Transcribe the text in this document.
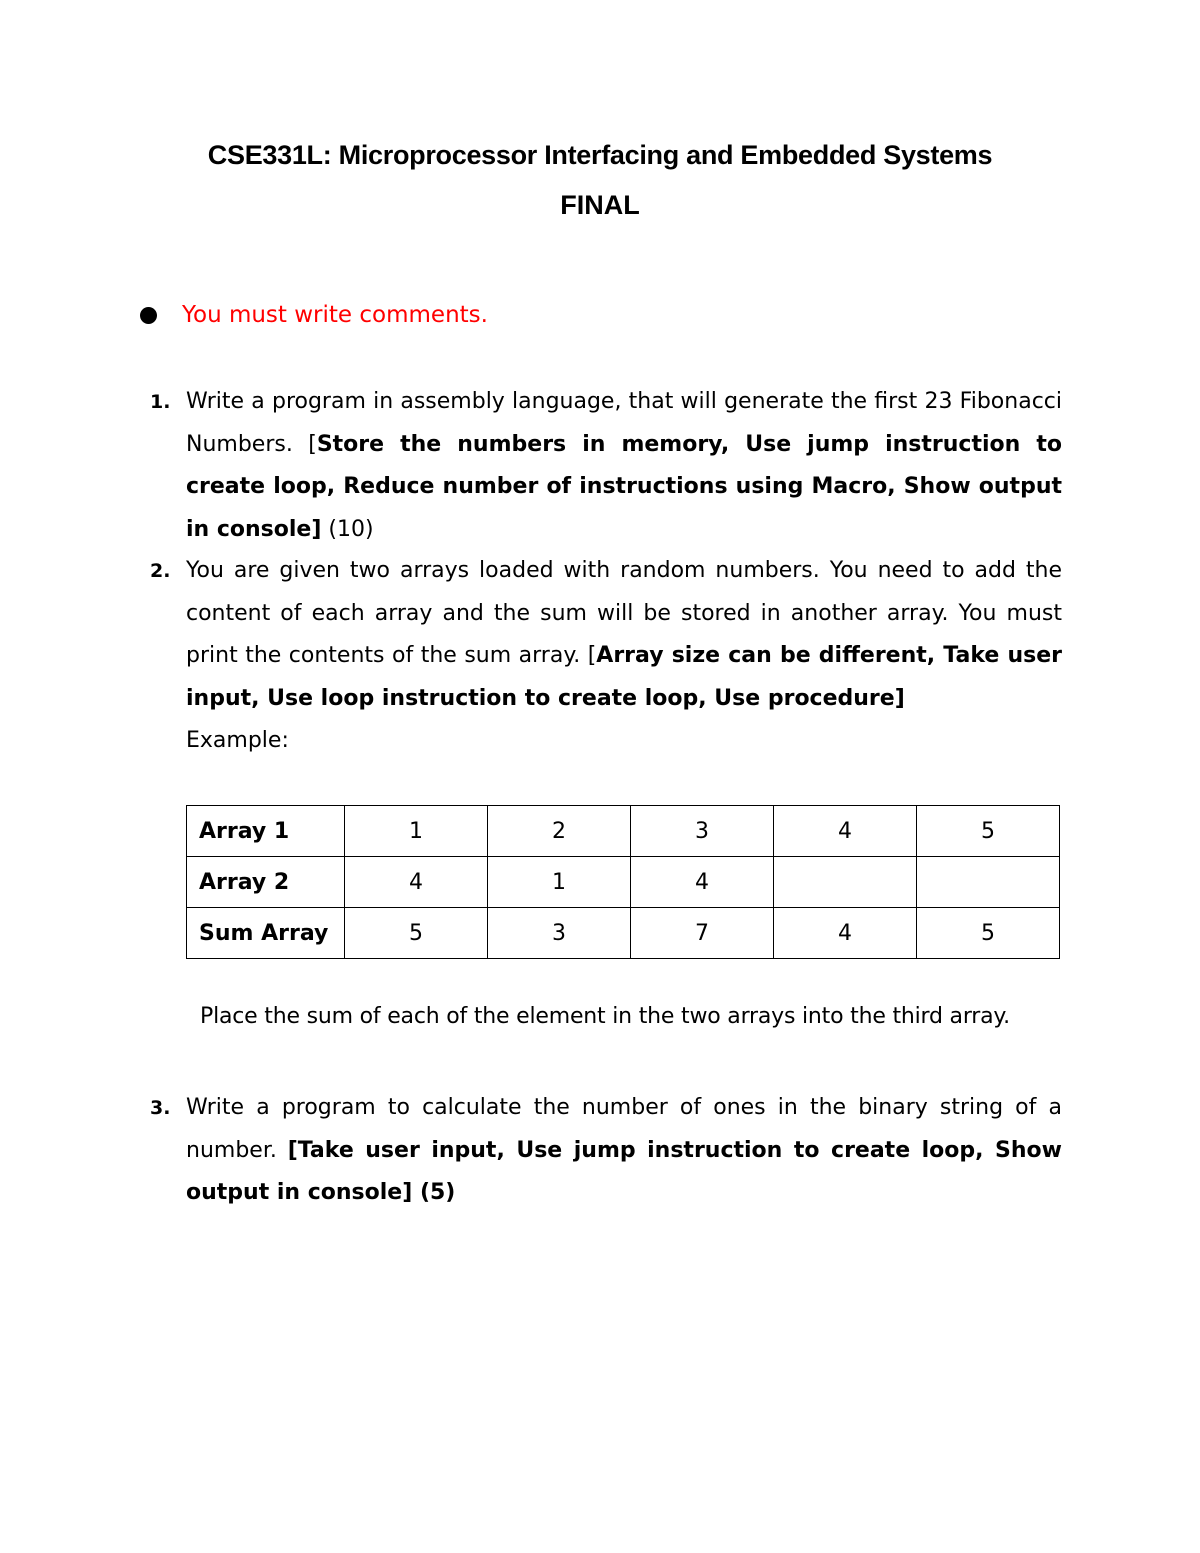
CSE331L: Microprocessor Interfacing and Embedded Systems
FINAL
You must write comments.
1. Write a program in assembly language, that will generate the first 23 Fibonacci Numbers. [Store the numbers in memory, Use jump instruction to create loop, Reduce number of instructions using Macro, Show output in console] (10)
2. You are given two arrays loaded with random numbers. You need to add the content of each array and the sum will be stored in another array. You must print the contents of the sum array. [Array size can be different, Take user input, Use loop instruction to create loop, Use procedure]
Example:
Array 1	1	2	3	4	5
Array 2	4	1	4		
Sum Array	5	3	7	4	5
Place the sum of each of the element in the two arrays into the third array.
3. Write a program to calculate the number of ones in the binary string of a number. [Take user input, Use jump instruction to create loop, Show output in console] (5)
